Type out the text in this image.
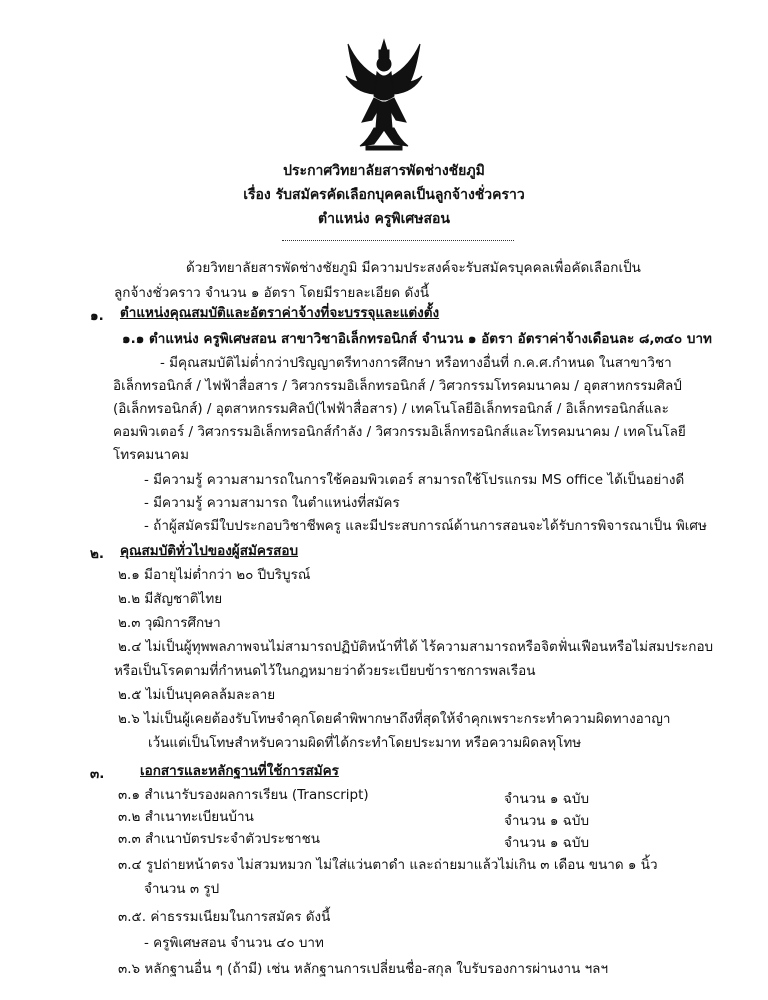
ประกาศวิทยาลัยสารพัดช่างชัยภูมิ
เรื่อง รับสมัครคัดเลือกบุคคลเป็นลูกจ้างชั่วคราว
ตำแหน่ง ครูพิเศษสอน
ด้วยวิทยาลัยสารพัดช่างชัยภูมิ มีความประสงค์จะรับสมัครบุคคลเพื่อคัดเลือกเป็น
ลูกจ้างชั่วคราว จำนวน ๑ อัตรา โดยมีรายละเอียด ดังนี้
๑. ตำแหน่งคุณสมบัติและอัตราค่าจ้างที่จะบรรจุและแต่งตั้ง
๑.๑ ตำแหน่ง ครูพิเศษสอน สาขาวิชาอิเล็กทรอนิกส์ จำนวน ๑ อัตรา อัตราค่าจ้างเดือนละ ๘,๓๔๐ บาท
- มีคุณสมบัติไม่ต่ำกว่าปริญญาตรีทางการศึกษา หรือทางอื่นที่ ก.ค.ศ.กำหนด ในสาขาวิชา
อิเล็กทรอนิกส์ / ไฟฟ้าสื่อสาร / วิศวกรรมอิเล็กทรอนิกส์ / วิศวกรรมโทรคมนาคม / อุตสาหกรรมศิลป์
(อิเล็กทรอนิกส์) / อุตสาหกรรมศิลป์(ไฟฟ้าสื่อสาร) / เทคโนโลยีอิเล็กทรอนิกส์ / อิเล็กทรอนิกส์และ
คอมพิวเตอร์ / วิศวกรรมอิเล็กทรอนิกส์กำลัง / วิศวกรรมอิเล็กทรอนิกส์และโทรคมนาคม / เทคโนโลยี
โทรคมนาคม
- มีความรู้ ความสามารถในการใช้คอมพิวเตอร์ สามารถใช้โปรแกรม MS office ได้เป็นอย่างดี
- มีความรู้ ความสามารถ ในตำแหน่งที่สมัคร
- ถ้าผู้สมัครมีใบประกอบวิชาชีพครู และมีประสบการณ์ด้านการสอนจะได้รับการพิจารณาเป็น พิเศษ
๒. คุณสมบัติทั่วไปของผู้สมัครสอบ
๒.๑ มีอายุไม่ต่ำกว่า ๒๐ ปีบริบูรณ์
๒.๒ มีสัญชาติไทย
๒.๓ วุฒิการศึกษา
๒.๔ ไม่เป็นผู้ทุพพลภาพจนไม่สามารถปฏิบัติหน้าที่ได้ ไร้ความสามารถหรือจิตฟั่นเฟือนหรือไม่สมประกอบ
หรือเป็นโรคตามที่กำหนดไว้ในกฎหมายว่าด้วยระเบียบข้าราชการพลเรือน
๒.๕ ไม่เป็นบุคคลล้มละลาย
๒.๖ ไม่เป็นผู้เคยต้องรับโทษจำคุกโดยคำพิพากษาถึงที่สุดให้จำคุกเพราะกระทำความผิดทางอาญา
เว้นแต่เป็นโทษสำหรับความผิดที่ได้กระทำโดยประมาท หรือความผิดลหุโทษ
๓.	เอกสารและหลักฐานที่ใช้การสมัคร
๓.๑ สำเนารับรองผลการเรียน (Transcript)	จำนวน ๑ ฉบับ
๓.๒ สำเนาทะเบียนบ้าน	จำนวน ๑ ฉบับ
๓.๓ สำเนาบัตรประจำตัวประชาชน	จำนวน ๑ ฉบับ
๓.๔ รูปถ่ายหน้าตรง ไม่สวมหมวก ไม่ใส่แว่นตาดำ และถ่ายมาแล้วไม่เกิน ๓ เดือน ขนาด ๑ นิ้ว
จำนวน ๓ รูป
๓.๕. ค่าธรรมเนียมในการสมัคร ดังนี้
- ครูพิเศษสอน จำนวน ๔๐ บาท
๓.๖ หลักฐานอื่น ๆ (ถ้ามี) เช่น หลักฐานการเปลี่ยนชื่อ-สกุล ใบรับรองการผ่านงาน ฯลฯ
